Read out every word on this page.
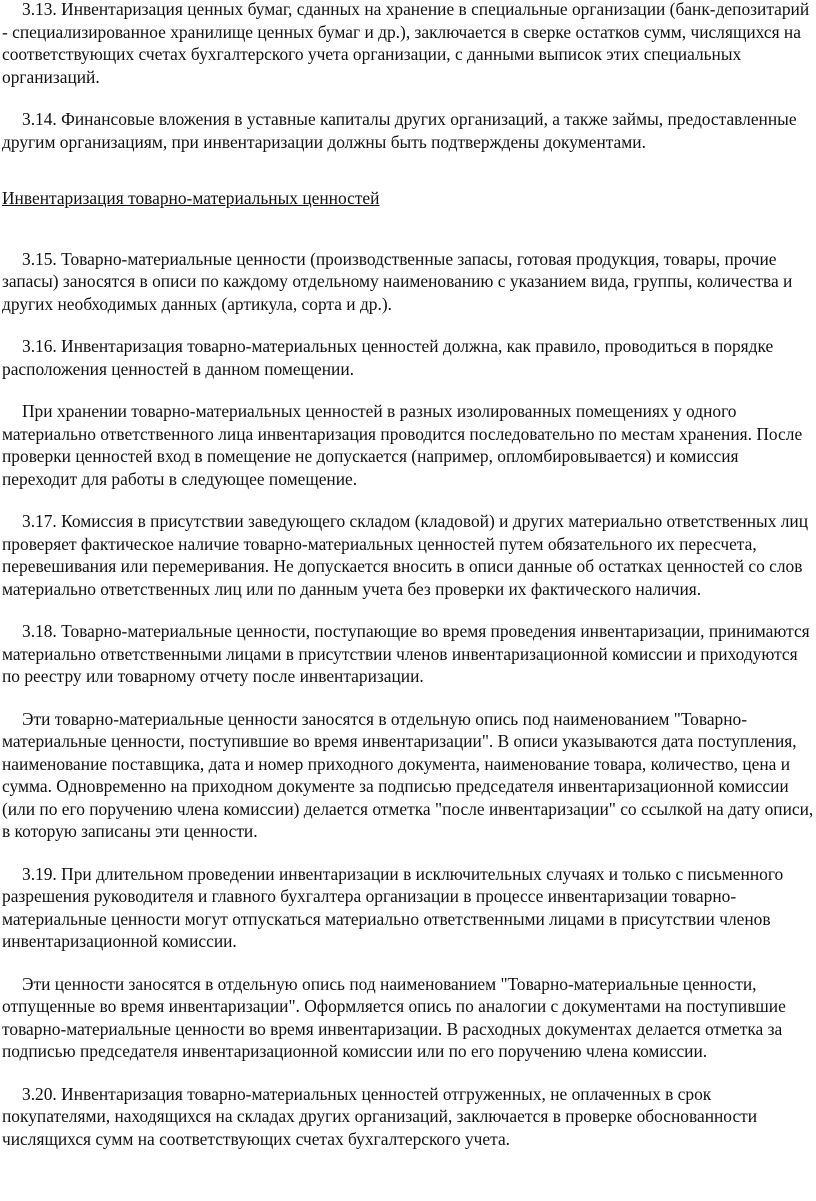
3.13. Инвентаризация ценных бумаг, сданных на хранение в специальные организации (банк-депозитарий - специализированное хранилище ценных бумаг и др.), заключается в сверке остатков сумм, числящихся на соответствующих счетах бухгалтерского учета организации, с данными выписок этих специальных организаций.

3.14. Финансовые вложения в уставные капиталы других организаций, а также займы, предоставленные другим организациям, при инвентаризации должны быть подтверждены документами.

Инвентаризация товарно-материальных ценностей

3.15. Товарно-материальные ценности (производственные запасы, готовая продукция, товары, прочие запасы) заносятся в описи по каждому отдельному наименованию с указанием вида, группы, количества и других необходимых данных (артикула, сорта и др.).

3.16. Инвентаризация товарно-материальных ценностей должна, как правило, проводиться в порядке расположения ценностей в данном помещении.

При хранении товарно-материальных ценностей в разных изолированных помещениях у одного материально ответственного лица инвентаризация проводится последовательно по местам хранения. После проверки ценностей вход в помещение не допускается (например, опломбировывается) и комиссия переходит для работы в следующее помещение.

3.17. Комиссия в присутствии заведующего складом (кладовой) и других материально ответственных лиц проверяет фактическое наличие товарно-материальных ценностей путем обязательного их пересчета, перевешивания или перемеривания. Не допускается вносить в описи данные об остатках ценностей со слов материально ответственных лиц или по данным учета без проверки их фактического наличия.

3.18. Товарно-материальные ценности, поступающие во время проведения инвентаризации, принимаются материально ответственными лицами в присутствии членов инвентаризационной комиссии и приходуются по реестру или товарному отчету после инвентаризации.

Эти товарно-материальные ценности заносятся в отдельную опись под наименованием "Товарно-материальные ценности, поступившие во время инвентаризации". В описи указываются дата поступления, наименование поставщика, дата и номер приходного документа, наименование товара, количество, цена и сумма. Одновременно на приходном документе за подписью председателя инвентаризационной комиссии (или по его поручению члена комиссии) делается отметка "после инвентаризации" со ссылкой на дату описи, в которую записаны эти ценности.

3.19. При длительном проведении инвентаризации в исключительных случаях и только с письменного разрешения руководителя и главного бухгалтера организации в процессе инвентаризации товарно-материальные ценности могут отпускаться материально ответственными лицами в присутствии членов инвентаризационной комиссии.

Эти ценности заносятся в отдельную опись под наименованием "Товарно-материальные ценности, отпущенные во время инвентаризации". Оформляется опись по аналогии с документами на поступившие товарно-материальные ценности во время инвентаризации. В расходных документах делается отметка за подписью председателя инвентаризационной комиссии или по его поручению члена комиссии.

3.20. Инвентаризация товарно-материальных ценностей отгруженных, не оплаченных в срок покупателями, находящихся на складах других организаций, заключается в проверке обоснованности числящихся сумм на соответствующих счетах бухгалтерского учета.
